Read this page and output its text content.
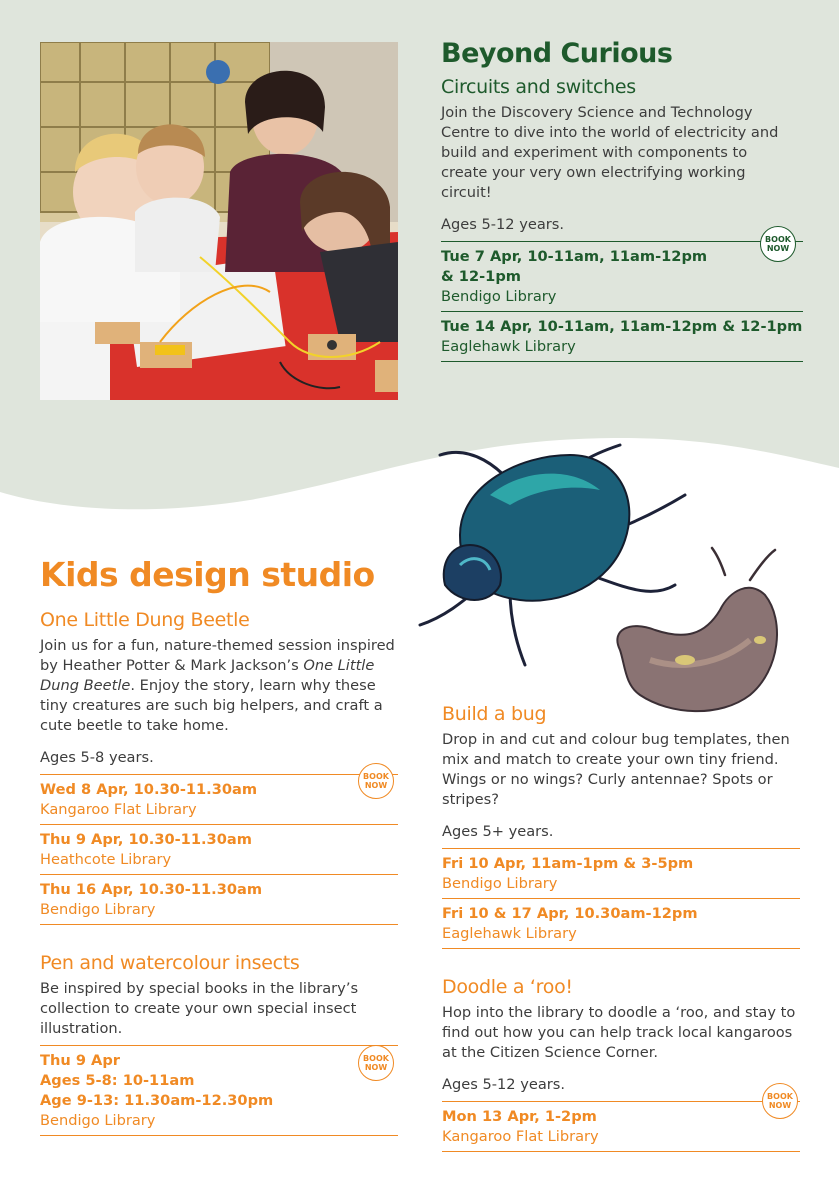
Beyond Curious
Circuits and switches

Join the Discovery Science and Technology Centre to dive into the world of electricity and build and experiment with components to create your very own electrifying working circuit!

Ages 5-12 years.

Tue 7 Apr, 10-11am, 11am-12pm & 12-1pm
Bendigo Library
Tue 14 Apr, 10-11am, 11am-12pm & 12-1pm
Eaglehawk Library
BOOK
NOW
Kids design studio
One Little Dung Beetle

Join us for a fun, nature-themed session inspired by Heather Potter & Mark Jackson’s One Little Dung Beetle. Enjoy the story, learn why these tiny creatures are such big helpers, and craft a cute beetle to take home.

Ages 5-8 years.

Wed 8 Apr, 10.30-11.30am
Kangaroo Flat Library
Thu 9 Apr, 10.30-11.30am
Heathcote Library
Thu 16 Apr, 10.30-11.30am
Bendigo Library
Pen and watercolour insects

Be inspired by special books in the library’s collection to create your own special insect illustration.

Thu 9 Apr
Ages 5-8: 10-11am
Age 9-13: 11.30am-12.30pm
Bendigo Library
BOOK
NOW
BOOK
NOW
Build a bug

Drop in and cut and colour bug templates, then mix and match to create your own tiny friend. Wings or no wings? Curly antennae? Spots or stripes?

Ages 5+ years.

Fri 10 Apr, 11am-1pm & 3-5pm
Bendigo Library
Fri 10 & 17 Apr, 10.30am-12pm
Eaglehawk Library
Doodle a ‘roo!

Hop into the library to doodle a ‘roo, and stay to find out how you can help track local kangaroos at the Citizen Science Corner.

Ages 5-12 years.

Mon 13 Apr, 1-2pm
Kangaroo Flat Library
BOOK
NOW
